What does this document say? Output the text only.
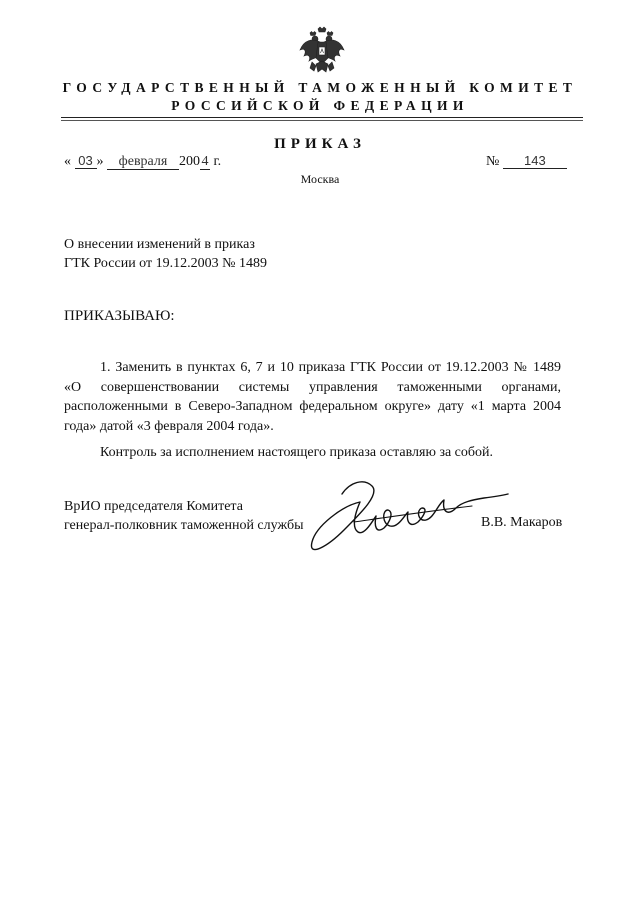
ГОСУДАРСТВЕННЫЙ ТАМОЖЕННЫЙ КОМИТЕТ
РОССИЙСКОЙ ФЕДЕРАЦИИ
ПРИКАЗ
« 03 » февраля 200 4 г.	№ 143
Москва
О внесении изменений в приказ
ГТК России от 19.12.2003 № 1489
ПРИКАЗЫВАЮ:
1. Заменить в пунктах 6, 7 и 10 приказа ГТК России от 19.12.2003 № 1489 «О совершенствовании системы управления таможенными органами, расположенными в Северо-Западном федеральном округе» дату «1 марта 2004 года» датой «3 февраля 2004 года».
Контроль за исполнением настоящего приказа оставляю за собой.
ВрИО председателя Комитета
генерал-полковник таможенной службы	В.В. Макаров
